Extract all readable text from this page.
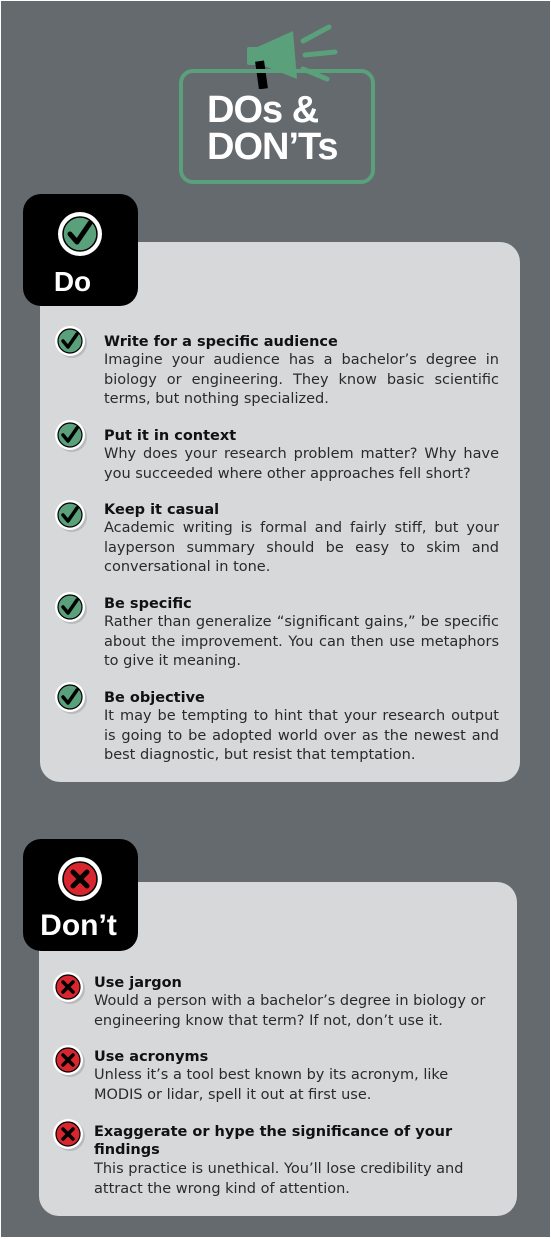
DOs &
DON’Ts
Do

Write for a specific audience

Imagine your audience has a bachelor’s degree in biology or engineering. They know basic scientific terms, but nothing specialized.

Put it in context

Why does your research problem matter? Why have you succeeded where other approaches fell short?

Keep it casual

Academic writing is formal and fairly stiff, but your layperson summary should be easy to skim and conversational in tone.

Be specific

Rather than generalize “significant gains,” be specific about the improvement. You can then use metaphors to give it meaning.

Be objective

It may be tempting to hint that your research output is going to be adopted world over as the newest and best diagnostic, but resist that temptation.

Don’t

Use jargon

Would a person with a bachelor’s degree in biology or engineering know that term? If not, don’t use it.

Use acronyms

Unless it’s a tool best known by its acronym, like MODIS or lidar, spell it out at first use.

Exaggerate or hype the significance of your findings

This practice is unethical. You’ll lose credibility and attract the wrong kind of attention.
